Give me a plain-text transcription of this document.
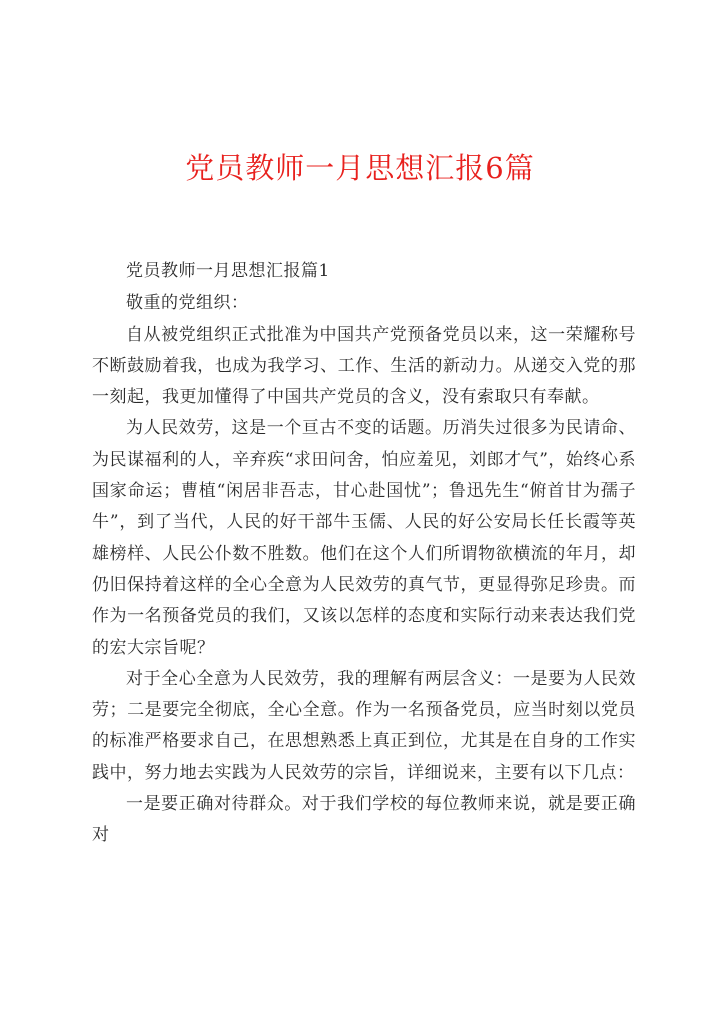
党员教师一月思想汇报6篇

党员教师一月思想汇报篇1

敬重的党组织：

自从被党组织正式批准为中国共产党预备党员以来，这一荣耀称号不断鼓励着我，也成为我学习、工作、生活的新动力。从递交入党的那一刻起，我更加懂得了中国共产党员的含义，没有索取只有奉献。

为人民效劳，这是一个亘古不变的话题。历消失过很多为民请命、为民谋福利的人，辛弃疾“求田问舍，怕应羞见，刘郎才气”，始终心系国家命运；曹植“闲居非吾志，甘心赴国忧”；鲁迅先生“俯首甘为孺子牛”，到了当代，人民的好干部牛玉儒、人民的好公安局长任长霞等英雄榜样、人民公仆数不胜数。他们在这个人们所谓物欲横流的年月，却仍旧保持着这样的全心全意为人民效劳的真气节，更显得弥足珍贵。而作为一名预备党员的我们，又该以怎样的态度和实际行动来表达我们党的宏大宗旨呢？

对于全心全意为人民效劳，我的理解有两层含义：一是要为人民效劳；二是要完全彻底，全心全意。作为一名预备党员，应当时刻以党员的标准严格要求自己，在思想熟悉上真正到位，尤其是在自身的工作实践中，努力地去实践为人民效劳的宗旨，详细说来，主要有以下几点：

一是要正确对待群众。对于我们学校的每位教师来说，就是要正确对
